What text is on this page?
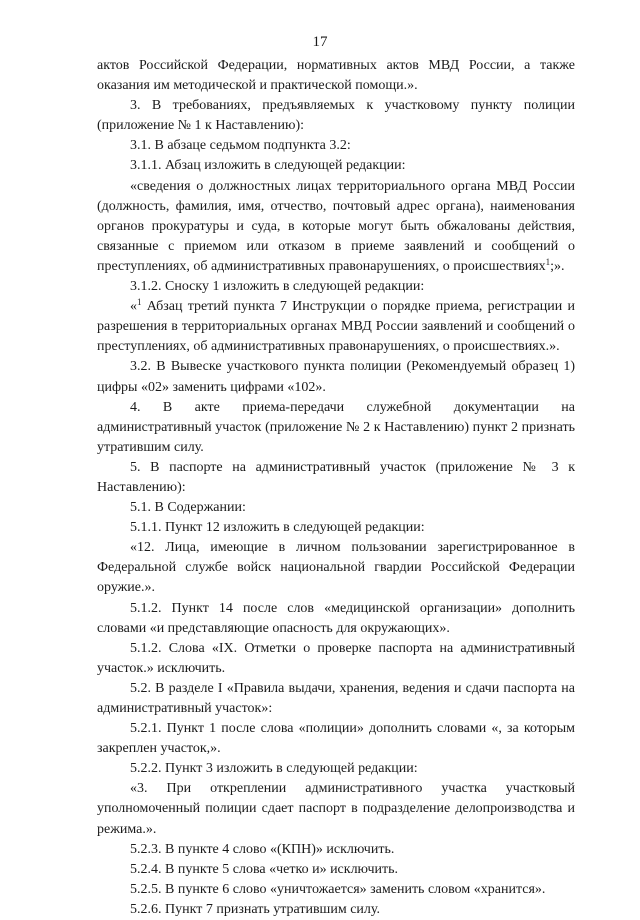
17

актов Российской Федерации, нормативных актов МВД России, а также оказания им методической и практической помощи.».

3. В требованиях, предъявляемых к участковому пункту полиции (приложение № 1 к Наставлению):

3.1. В абзаце седьмом подпункта 3.2:

3.1.1. Абзац изложить в следующей редакции:

«сведения о должностных лицах территориального органа МВД России (должность, фамилия, имя, отчество, почтовый адрес органа), наименования органов прокуратуры и суда, в которые могут быть обжалованы действия, связанные с приемом или отказом в приеме заявлений и сообщений о преступлениях, об административных правонарушениях, о происшествиях$^1$;».

3.1.2. Сноску 1 изложить в следующей редакции:

«$^1$ Абзац третий пункта 7 Инструкции о порядке приема, регистрации и разрешения в территориальных органах МВД России заявлений и сообщений о преступлениях, об административных правонарушениях, о происшествиях.».

3.2. В Вывеске участкового пункта полиции (Рекомендуемый образец 1) цифры «02» заменить цифрами «102».

4. В акте приема-передачи служебной документации на административный участок (приложение № 2 к Наставлению) пункт 2 признать утратившим силу.

5. В паспорте на административный участок (приложение № 3 к Наставлению):

5.1. В Содержании:

5.1.1. Пункт 12 изложить в следующей редакции:

«12. Лица, имеющие в личном пользовании зарегистрированное в Федеральной службе войск национальной гвардии Российской Федерации оружие.».

5.1.2. Пункт 14 после слов «медицинской организации» дополнить словами «и представляющие опасность для окружающих».

5.1.2. Слова «IX. Отметки о проверке паспорта на административный участок.» исключить.

5.2. В разделе I «Правила выдачи, хранения, ведения и сдачи паспорта на административный участок»:

5.2.1. Пункт 1 после слова «полиции» дополнить словами «, за которым закреплен участок,».

5.2.2. Пункт 3 изложить в следующей редакции:

«3. При откреплении административного участка участковый уполномоченный полиции сдает паспорт в подразделение делопроизводства и режима.».

5.2.3. В пункте 4 слово «(КПН)» исключить.

5.2.4. В пункте 5 слова «четко и» исключить.

5.2.5. В пункте 6 слово «уничтожается» заменить словом «хранится».

5.2.6. Пункт 7 признать утратившим силу.
